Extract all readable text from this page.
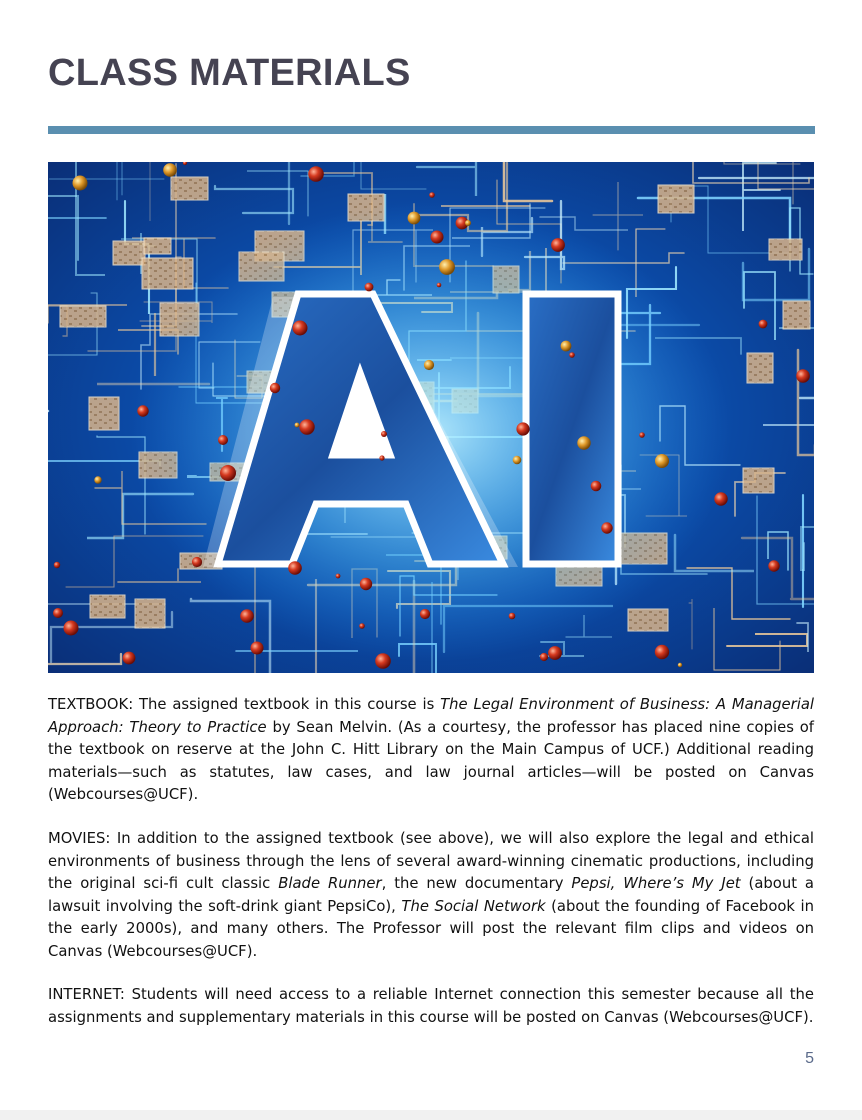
CLASS MATERIALS

TEXTBOOK: The assigned textbook in this course is The Legal Environment of Business: A Managerial Approach: Theory to Practice by Sean Melvin. (As a courtesy, the professor has placed nine copies of the textbook on reserve at the John C. Hitt Library on the Main Campus of UCF.) Additional reading materials—such as statutes, law cases, and law journal articles—will be posted on Canvas (Webcourses@UCF).

MOVIES: In addition to the assigned textbook (see above), we will also explore the legal and ethical environments of business through the lens of several award-winning cinematic productions, including the original sci-fi cult classic Blade Runner, the new documentary Pepsi, Where’s My Jet (about a lawsuit involving the soft-drink giant PepsiCo), The Social Network (about the founding of Facebook in the early 2000s), and many others. The Professor will post the relevant film clips and videos on Canvas (Webcourses@UCF).

INTERNET: Students will need access to a reliable Internet connection this semester because all the assignments and supplementary materials in this course will be posted on Canvas (Webcourses@UCF).

5
